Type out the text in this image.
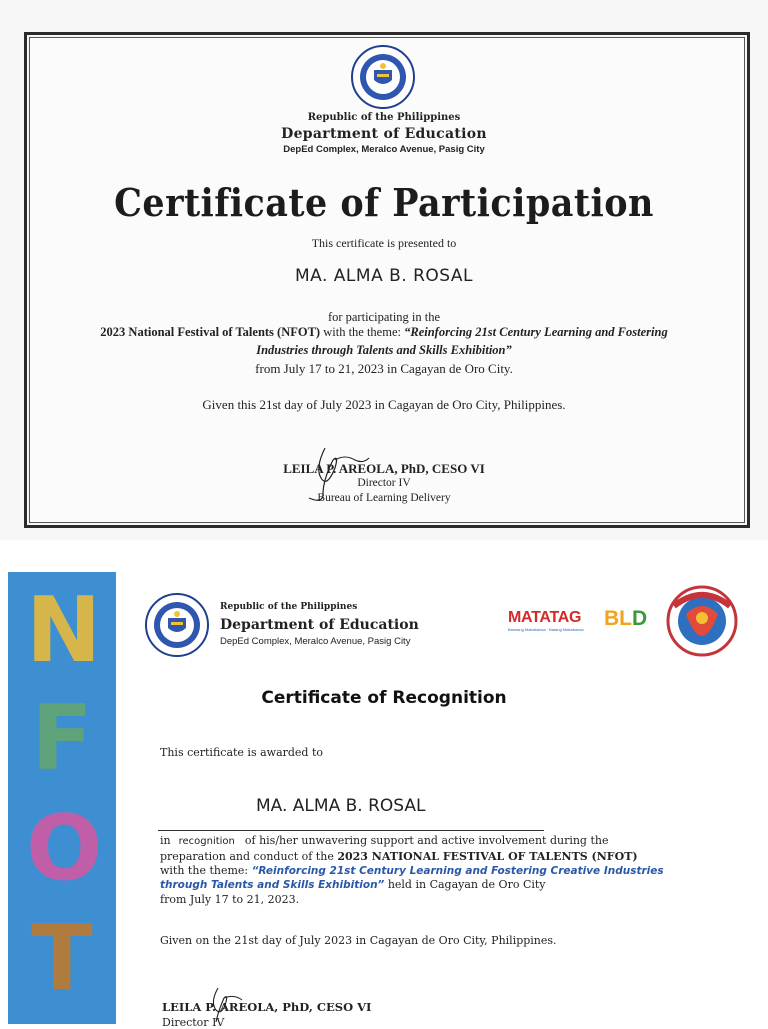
Republic of the Philippines
Department of Education
DepEd Complex, Meralco Avenue, Pasig City
Certificate of Participation
This certificate is presented to
MA. ALMA B. ROSAL
for participating in the
2023 National Festival of Talents (NFOT) with the theme: “Reinforcing 21st Century Learning and Fostering
Industries through Talents and Skills Exhibition”
from July 17 to 21, 2023 in Cagayan de Oro City.
Given this 21st day of July 2023 in Cagayan de Oro City, Philippines.
LEILA P. AREOLA, PhD, CESO VI
Director IV
Bureau of Learning Delivery
N
F
O
T
Republic of the Philippines
Department of Education
DepEd Complex, Meralco Avenue, Pasig City
MATATAG
Bansang Makabansa · Batang Makabansa BLD
Certificate of Recognition
This certificate is awarded to
MA. ALMA B. ROSAL
in recognition of his/her unwavering support and active involvement during the
preparation and conduct of the 2023 NATIONAL FESTIVAL OF TALENTS (NFOT)
with the theme: “Reinforcing 21st Century Learning and Fostering Creative Industries
through Talents and Skills Exhibition” held in Cagayan de Oro City
from July 17 to 21, 2023.
Given on the 21st day of July 2023 in Cagayan de Oro City, Philippines.
LEILA P. AREOLA, PhD, CESO VI
Director IV
